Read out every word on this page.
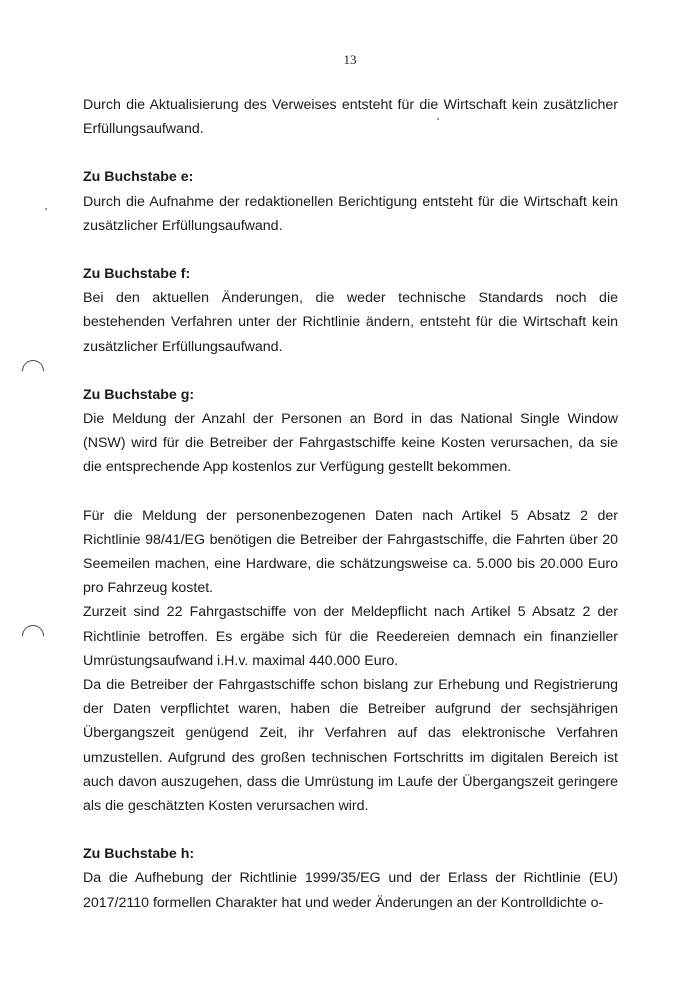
13

Durch die Aktualisierung des Verweises entsteht für die Wirtschaft kein zusätzlicher Erfüllungsaufwand.

Zu Buchstabe e:

Durch die Aufnahme der redaktionellen Berichtigung entsteht für die Wirtschaft kein zusätzlicher Erfüllungsaufwand.

Zu Buchstabe f:

Bei den aktuellen Änderungen, die weder technische Standards noch die bestehenden Verfahren unter der Richtlinie ändern, entsteht für die Wirtschaft kein zusätzlicher Erfüllungsaufwand.

Zu Buchstabe g:

Die Meldung der Anzahl der Personen an Bord in das National Single Window (NSW) wird für die Betreiber der Fahrgastschiffe keine Kosten verursachen, da sie die entsprechende App kostenlos zur Verfügung gestellt bekommen.

Für die Meldung der personenbezogenen Daten nach Artikel 5 Absatz 2 der Richtlinie 98/41/EG benötigen die Betreiber der Fahrgastschiffe, die Fahrten über 20 Seemeilen machen, eine Hardware, die schätzungsweise ca. 5.000 bis 20.000 Euro pro Fahrzeug kostet.

Zurzeit sind 22 Fahrgastschiffe von der Meldepflicht nach Artikel 5 Absatz 2 der Richtlinie betroffen. Es ergäbe sich für die Reedereien demnach ein finanzieller Umrüstungsaufwand i.H.v. maximal 440.000 Euro.

Da die Betreiber der Fahrgastschiffe schon bislang zur Erhebung und Registrierung der Daten verpflichtet waren, haben die Betreiber aufgrund der sechsjährigen Übergangszeit genügend Zeit, ihr Verfahren auf das elektronische Verfahren umzustellen. Aufgrund des großen technischen Fortschritts im digitalen Bereich ist auch davon auszugehen, dass die Umrüstung im Laufe der Übergangszeit geringere als die geschätzten Kosten verursachen wird.

Zu Buchstabe h:

Da die Aufhebung der Richtlinie 1999/35/EG und der Erlass der Richtlinie (EU) 2017/2110 formellen Charakter hat und weder Änderungen an der Kontrolldichte o-
